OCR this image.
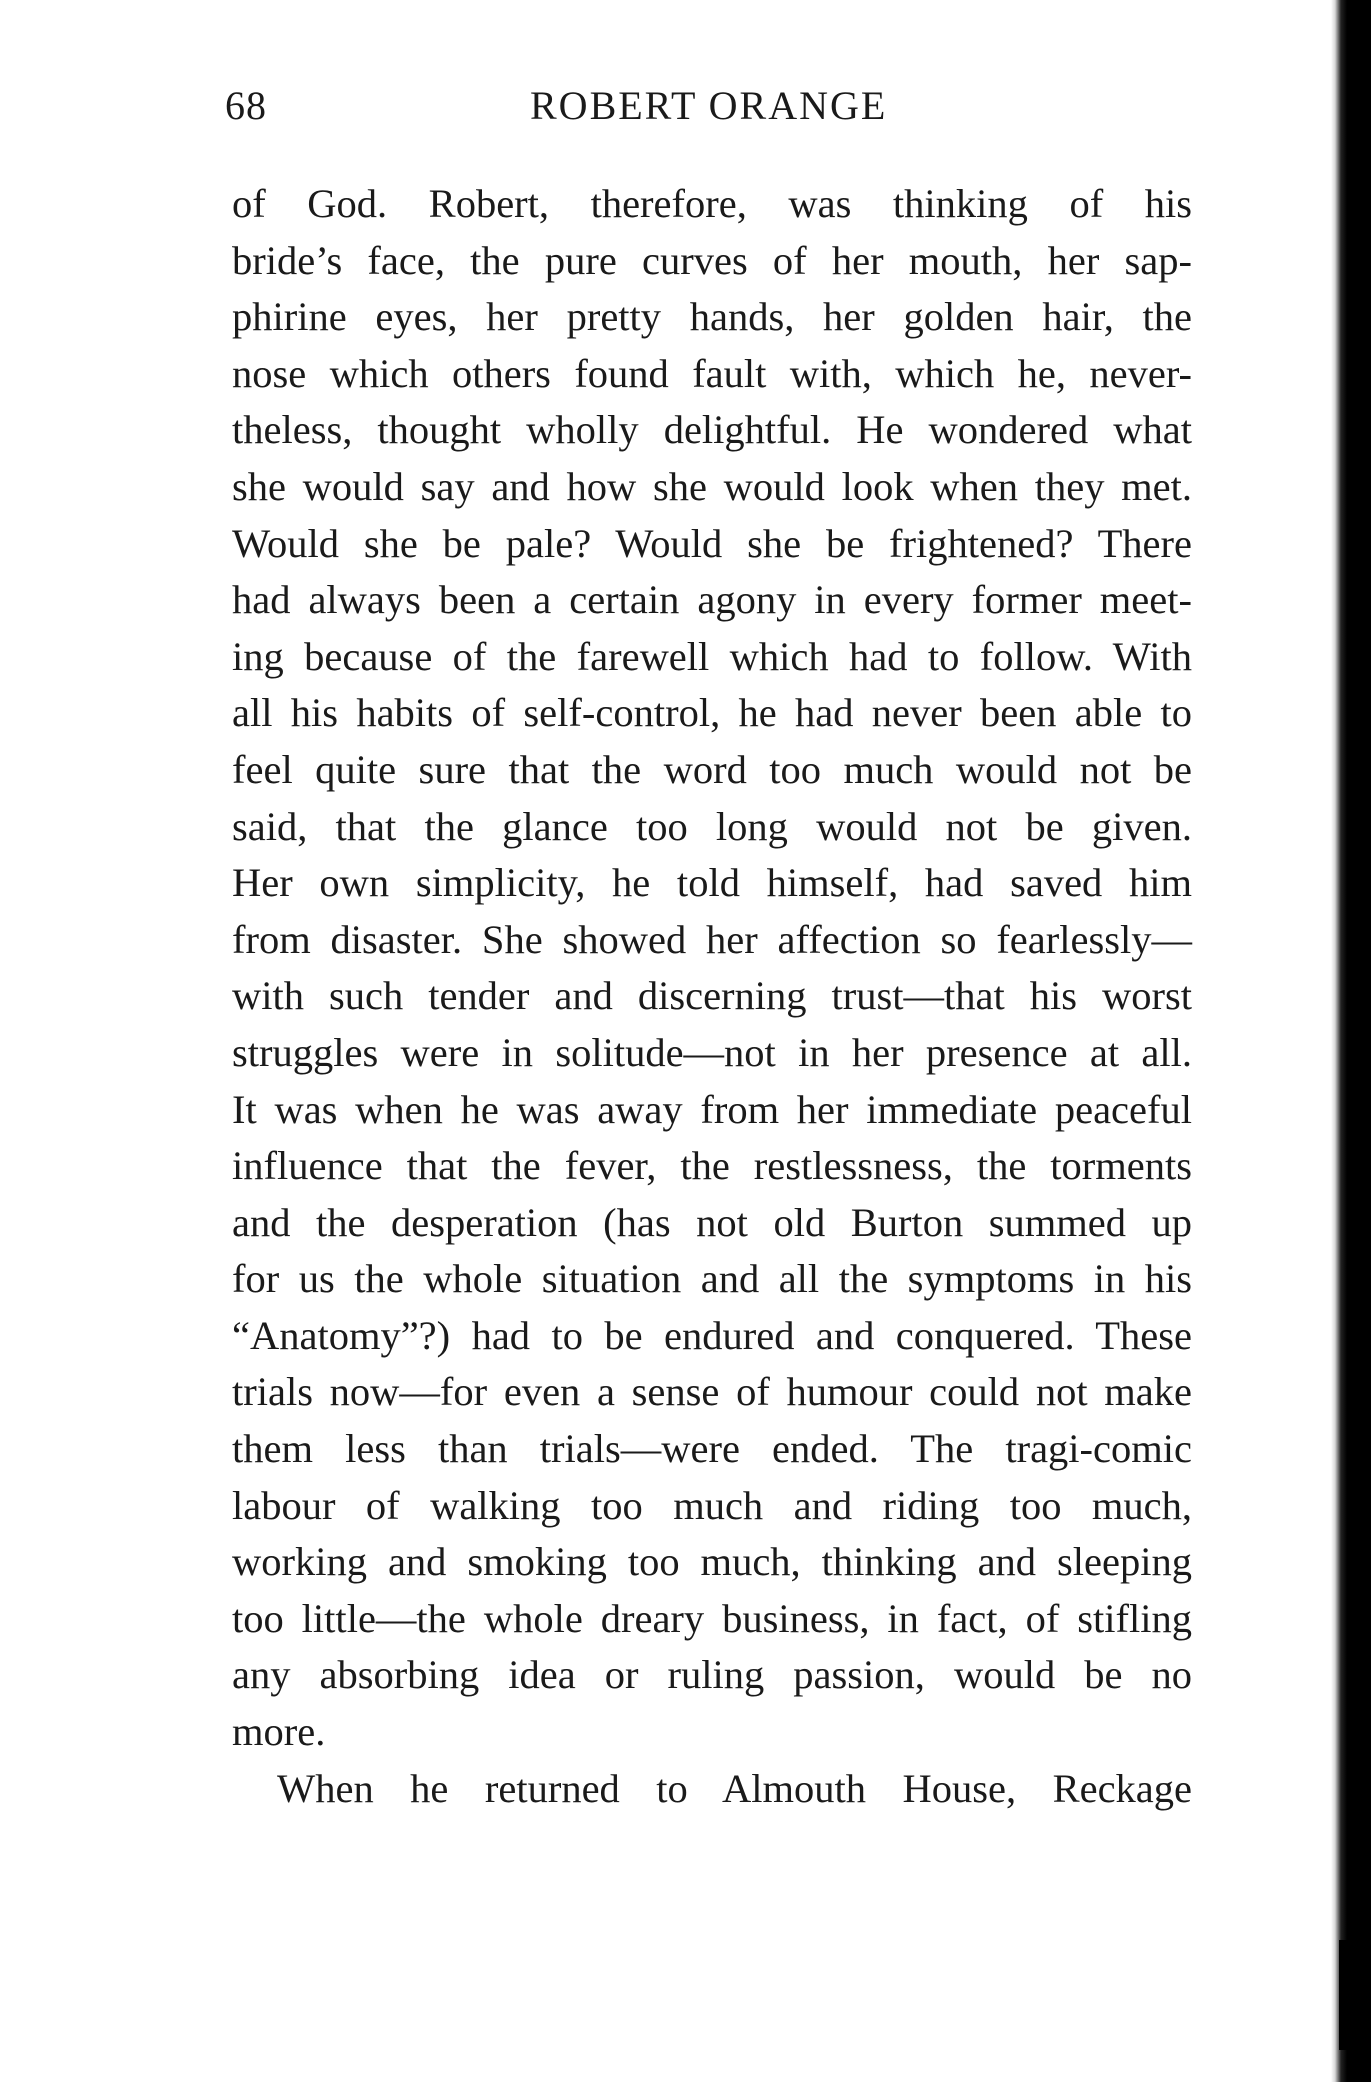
68	ROBERT ORANGE
of God. Robert, therefore, was thinking of his
bride’s face, the pure curves of her mouth, her sap-
phirine eyes, her pretty hands, her golden hair, the
nose which others found fault with, which he, never-
theless, thought wholly delightful. He wondered what
she would say and how she would look when they met.
Would she be pale? Would she be frightened? There
had always been a certain agony in every former meet-
ing because of the farewell which had to follow. With
all his habits of self-control, he had never been able to
feel quite sure that the word too much would not be
said, that the glance too long would not be given.
Her own simplicity, he told himself, had saved him
from disaster. She showed her affection so fearlessly—
with such tender and discerning trust—that his worst
struggles were in solitude—not in her presence at all.
It was when he was away from her immediate peaceful
influence that the fever, the restlessness, the torments
and the desperation (has not old Burton summed up
for us the whole situation and all the symptoms in his
“Anatomy”?) had to be endured and conquered. These
trials now—for even a sense of humour could not make
them less than trials—were ended. The tragi-comic
labour of walking too much and riding too much,
working and smoking too much, thinking and sleeping
too little—the whole dreary business, in fact, of stifling
any absorbing idea or ruling passion, would be no
more.
When he returned to Almouth House, Reckage
